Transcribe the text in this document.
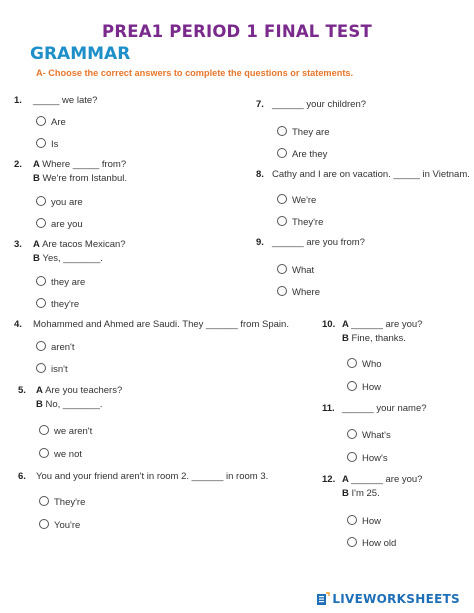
PREA1 PERIOD 1 FINAL TEST
GRAMMAR
A- Choose the correct answers to complete the questions or statements.
1. _____ we late?
Are
Is
2. A Where _____ from?
B We're from Istanbul.
you are
are you
3. A Are tacos Mexican?
B Yes, _______.
they are
they're
4. Mohammed and Ahmed are Saudi. They ______ from Spain.
aren't
isn't
5. A Are you teachers?
B No, _______.
we aren't
we not
6. You and your friend aren't in room 2. ______ in room 3.
They're
You're
7. ______ your children?
They are
Are they
8. Cathy and I are on vacation. _____ in Vietnam.
We're
They're
9. ______ are you from?
What
Where
10. A ______ are you?
B Fine, thanks.
Who
How
11. ______ your name?
What's
How's
12. A ______ are you?
B I'm 25.
How
How old
LIVEWORKSHEETS
